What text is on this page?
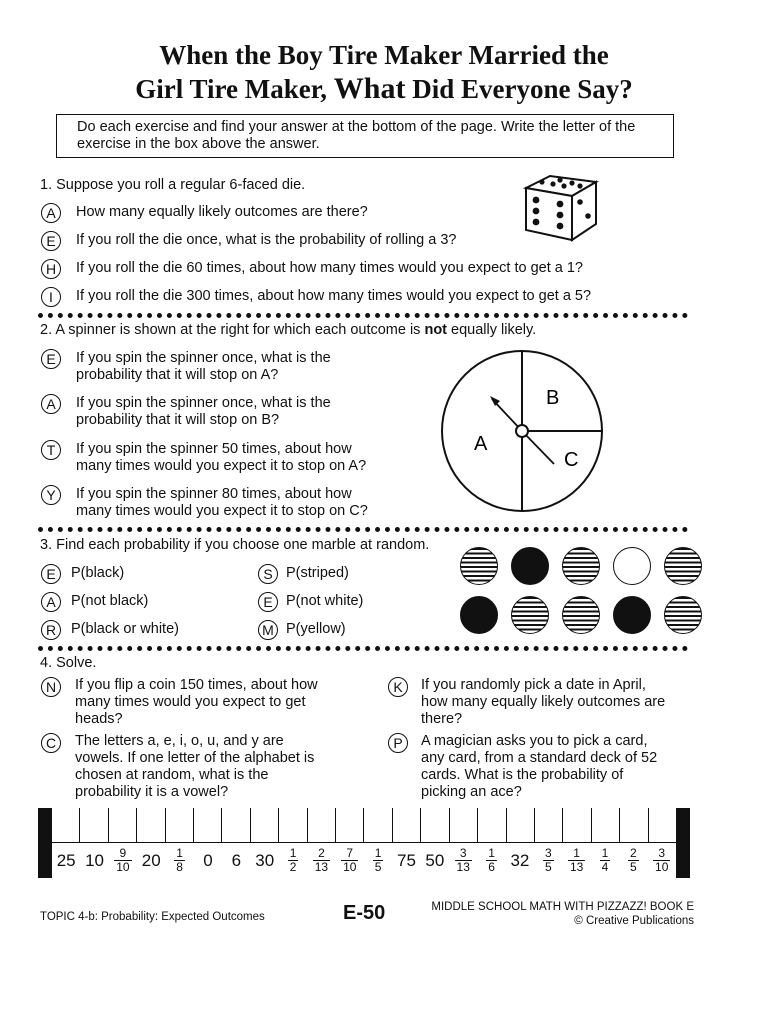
When the Boy Tire Maker Married the
Girl Tire Maker, What Did Everyone Say?
Do each exercise and find your answer at the bottom of the page. Write the letter of the exercise in the box above the answer.
1. Suppose you roll a regular 6-faced die.
A	How many equally likely outcomes are there?
E	If you roll the die once, what is the probability of rolling a 3?
H	If you roll the die 60 times, about how many times would you expect to get a 1?
I	If you roll the die 300 times, about how many times would you expect to get a 5?
2. A spinner is shown at the right for which each outcome is not equally likely.
E	If you spin the spinner once, what is the
probability that it will stop on A?
A	If you spin the spinner once, what is the
probability that it will stop on B?
T	If you spin the spinner 50 times, about how
many times would you expect it to stop on A?
Y	If you spin the spinner 80 times, about how
many times would you expect it to stop on C?
A
B
C
3. Find each probability if you choose one marble at random.
E	P(black)	S P(striped)
A	P(not black)	E P(not white)
R	P(black or white)	M P(yellow)
4. Solve.
N	If you flip a coin 150 times, about how
many times would you expect to get
heads?
K	If you randomly pick a date in April,
how many equally likely outcomes are
there?
C	The letters a, e, i, o, u, and y are
vowels. If one letter of the alphabet is
chosen at random, what is the
probability it is a vowel?
P	A magician asks you to pick a card,
any card, from a standard deck of 52
cards. What is the probability of
picking an ace?
25 $10 \frac{9}{10} 20$	$\frac{1}{8}$	0	6 30	$\frac{1}{2} \frac{2}{13} \frac{7}{10} \frac{1}{5} 75$ $50 \frac{3}{13} \frac{1}{6} 32$	$\frac{3}{5} \frac{1}{13} \frac{1}{4} \frac{2}{5} \frac{3}{10}$
TOPIC 4-b: Probability: Expected Outcomes	E-50	MIDDLE SCHOOL MATH WITH PIZZAZZ! BOOK E
© Creative Publications
